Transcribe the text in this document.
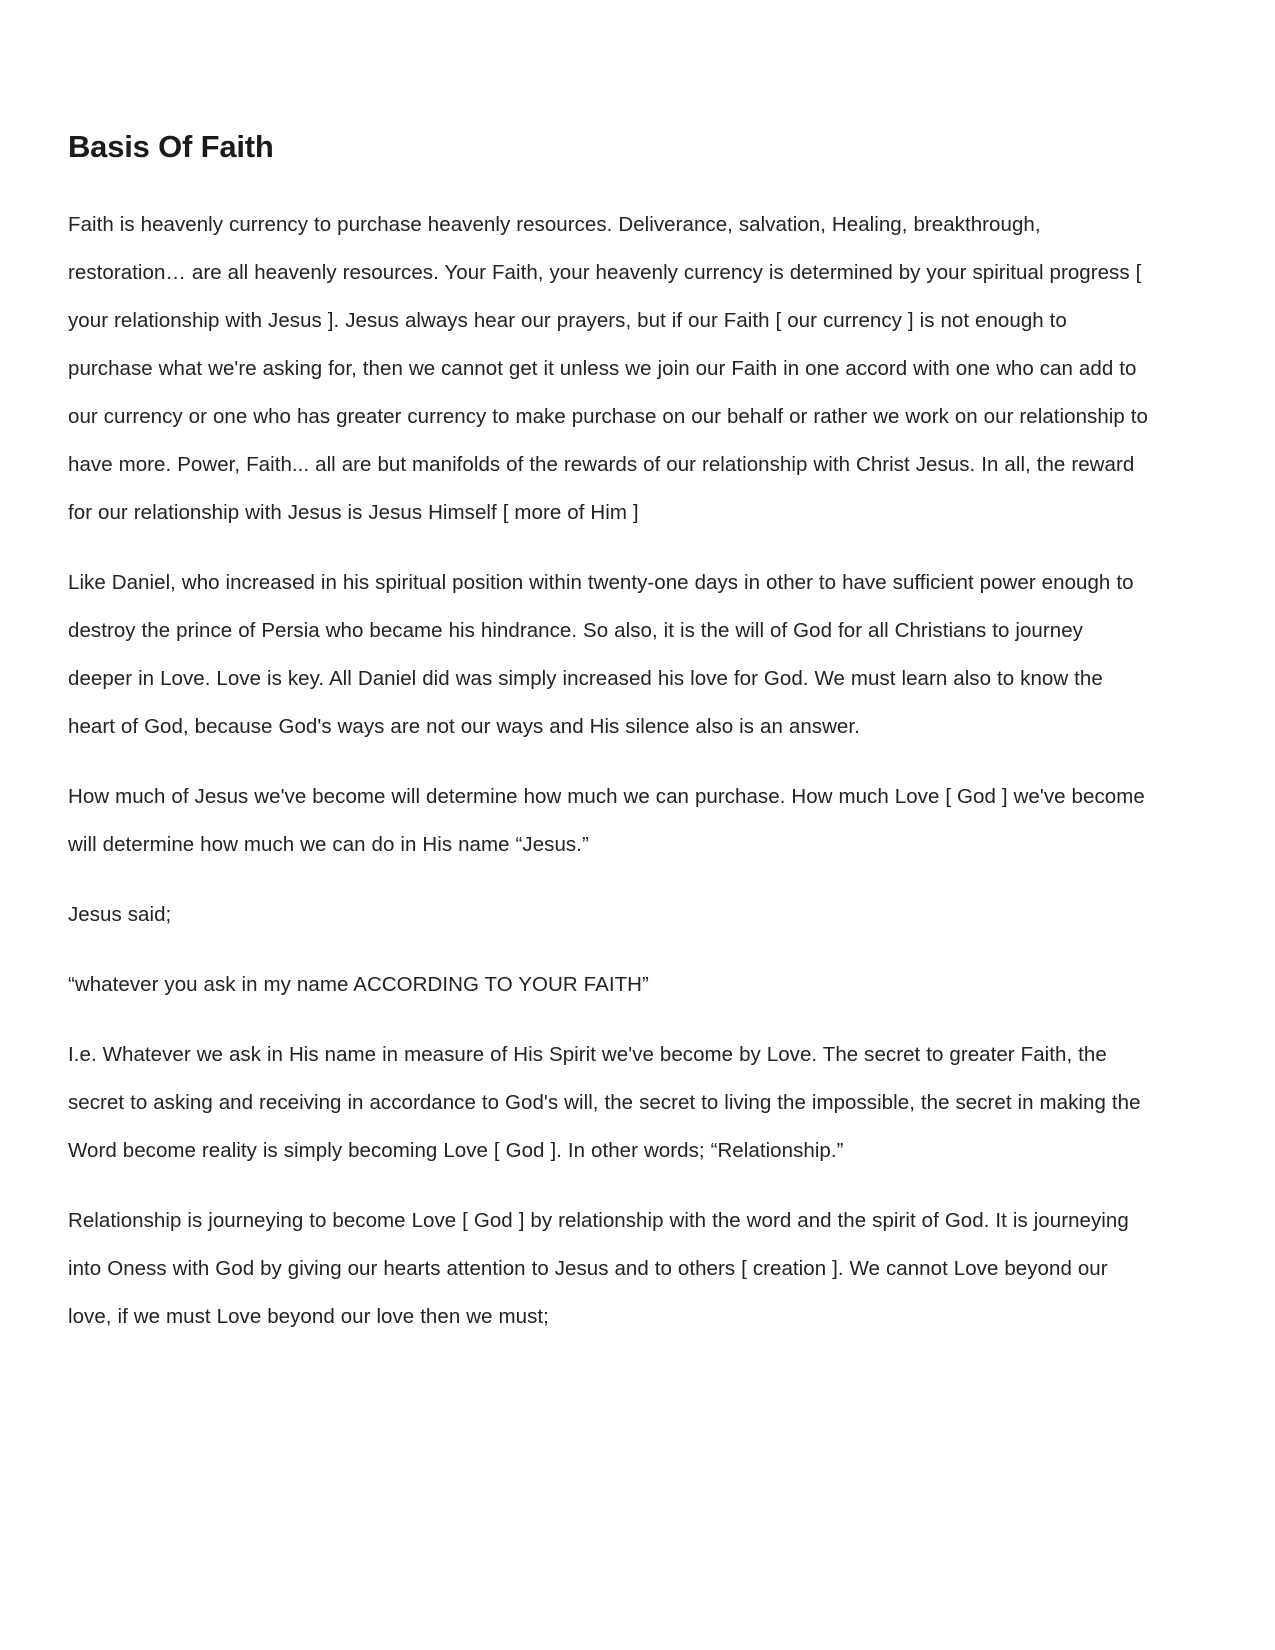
Basis Of Faith

Faith is heavenly currency to purchase heavenly resources. Deliverance, salvation, Healing, breakthrough, restoration… are all heavenly resources. Your Faith, your heavenly currency is determined by your spiritual progress [ your relationship with Jesus ]. Jesus always hear our prayers, but if our Faith [ our currency ] is not enough to purchase what we're asking for, then we cannot get it unless we join our Faith in one accord with one who can add to our currency or one who has greater currency to make purchase on our behalf or rather we work on our relationship to have more. Power, Faith... all are but manifolds of the rewards of our relationship with Christ Jesus. In all, the reward for our relationship with Jesus is Jesus Himself [ more of Him ]

Like Daniel, who increased in his spiritual position within twenty-one days in other to have sufficient power enough to destroy the prince of Persia who became his hindrance. So also, it is the will of God for all Christians to journey deeper in Love. Love is key. All Daniel did was simply increased his love for God. We must learn also to know the heart of God, because God's ways are not our ways and His silence also is an answer.

How much of Jesus we've become will determine how much we can purchase. How much Love [ God ] we've become will determine how much we can do in His name “Jesus.”

Jesus said;

“whatever you ask in my name ACCORDING TO YOUR FAITH”

I.e. Whatever we ask in His name in measure of His Spirit we've become by Love. The secret to greater Faith, the secret to asking and receiving in accordance to God's will, the secret to living the impossible, the secret in making the Word become reality is simply becoming Love [ God ]. In other words; “Relationship.”

Relationship is journeying to become Love [ God ] by relationship with the word and the spirit of God. It is journeying into Oness with God by giving our hearts attention to Jesus and to others [ creation ]. We cannot Love beyond our love, if we must Love beyond our love then we must;
